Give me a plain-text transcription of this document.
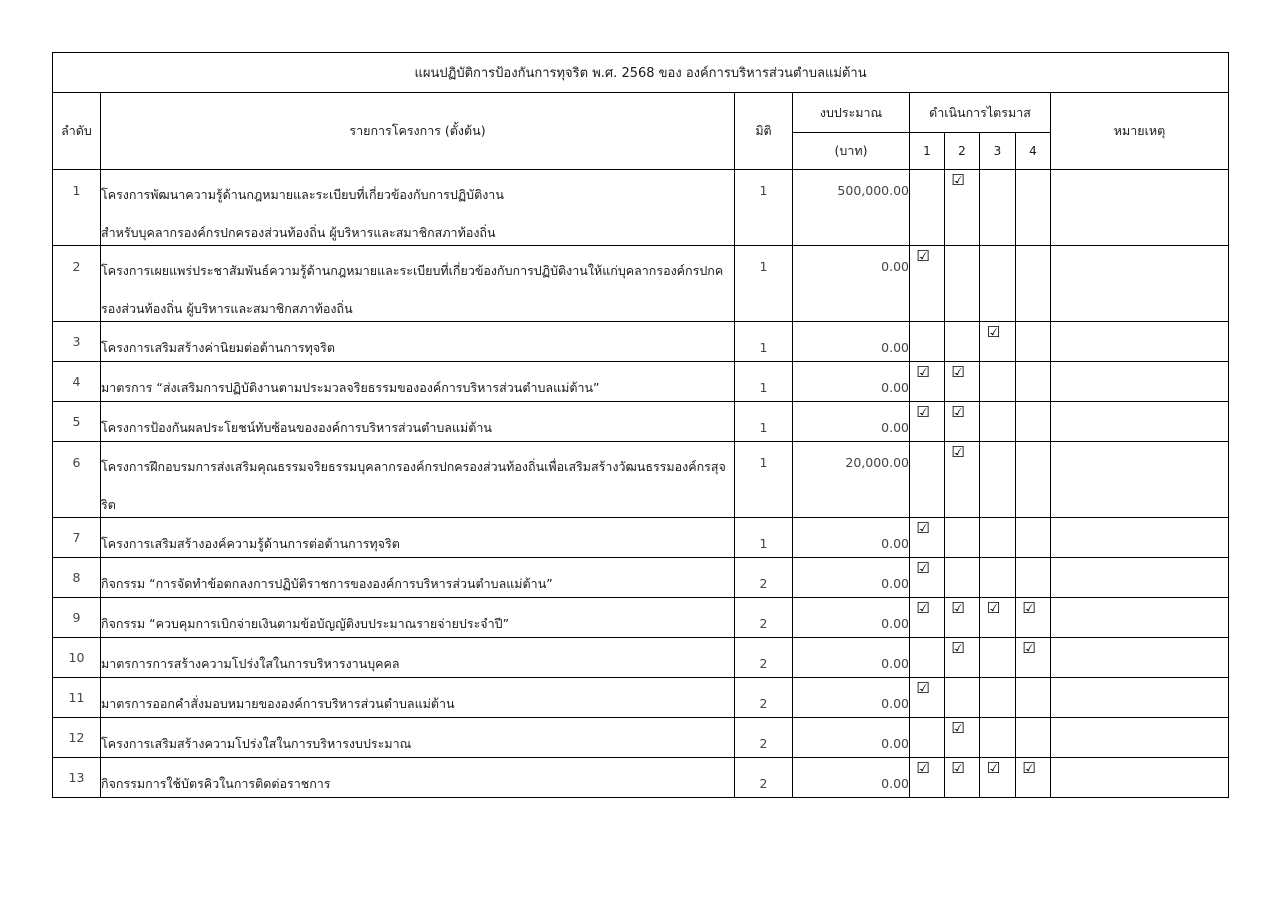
แผนปฏิบัติการป้องกันการทุจริต พ.ศ. 2568 ของ องค์การบริหารส่วนตำบลแม่ต้าน								
ลำดับ	รายการโครงการ (ตั้งต้น)	มิติ	งบประมาณ	ดำเนินการไตรมาส				หมายเหตุ
			(บาท)	1	2	3	4	
1	โครงการพัฒนาความรู้ด้านกฎหมายและระเบียบที่เกี่ยวข้องกับการปฏิบัติงาน
สำหรับบุคลากรองค์กรปกครองส่วนท้องถิ่น ผู้บริหารและสมาชิกสภาท้องถิ่น	1	500,000.00		☑			
2	โครงการเผยแพร่ประชาสัมพันธ์ความรู้ด้านกฎหมายและระเบียบที่เกี่ยวข้องกับการปฏิบัติงานให้แก่บุคลากรองค์กรปกค
รองส่วนท้องถิ่น ผู้บริหารและสมาชิกสภาท้องถิ่น	1	0.00	☑				
3	โครงการเสริมสร้างค่านิยมต่อต้านการทุจริต	1	0.00			☑		
4	มาตรการ “ส่งเสริมการปฏิบัติงานตามประมวลจริยธรรมขององค์การบริหารส่วนตำบลแม่ต้าน”	1	0.00	☑	☑			
5	โครงการป้องกันผลประโยชน์ทับซ้อนขององค์การบริหารส่วนตำบลแม่ต้าน	1	0.00	☑	☑			
6	โครงการฝึกอบรมการส่งเสริมคุณธรรมจริยธรรมบุคลากรองค์กรปกครองส่วนท้องถิ่นเพื่อเสริมสร้างวัฒนธรรมองค์กรสุจ
ริต	1	20,000.00		☑			
7	โครงการเสริมสร้างองค์ความรู้ด้านการต่อต้านการทุจริต	1	0.00	☑				
8	กิจกรรม “การจัดทำข้อตกลงการปฏิบัติราชการขององค์การบริหารส่วนตำบลแม่ต้าน”	2	0.00	☑				
9	กิจกรรม “ควบคุมการเบิกจ่ายเงินตามข้อบัญญัติงบประมาณรายจ่ายประจำปี”	2	0.00	☑	☑	☑	☑	
10	มาตรการการสร้างความโปร่งใสในการบริหารงานบุคคล	2	0.00		☑		☑	
11	มาตรการออกคำสั่งมอบหมายขององค์การบริหารส่วนตำบลแม่ต้าน	2	0.00	☑				
12	โครงการเสริมสร้างความโปร่งใสในการบริหารงบประมาณ	2	0.00		☑			
13	กิจกรรมการใช้บัตรคิวในการติดต่อราชการ	2	0.00	☑	☑	☑	☑	
